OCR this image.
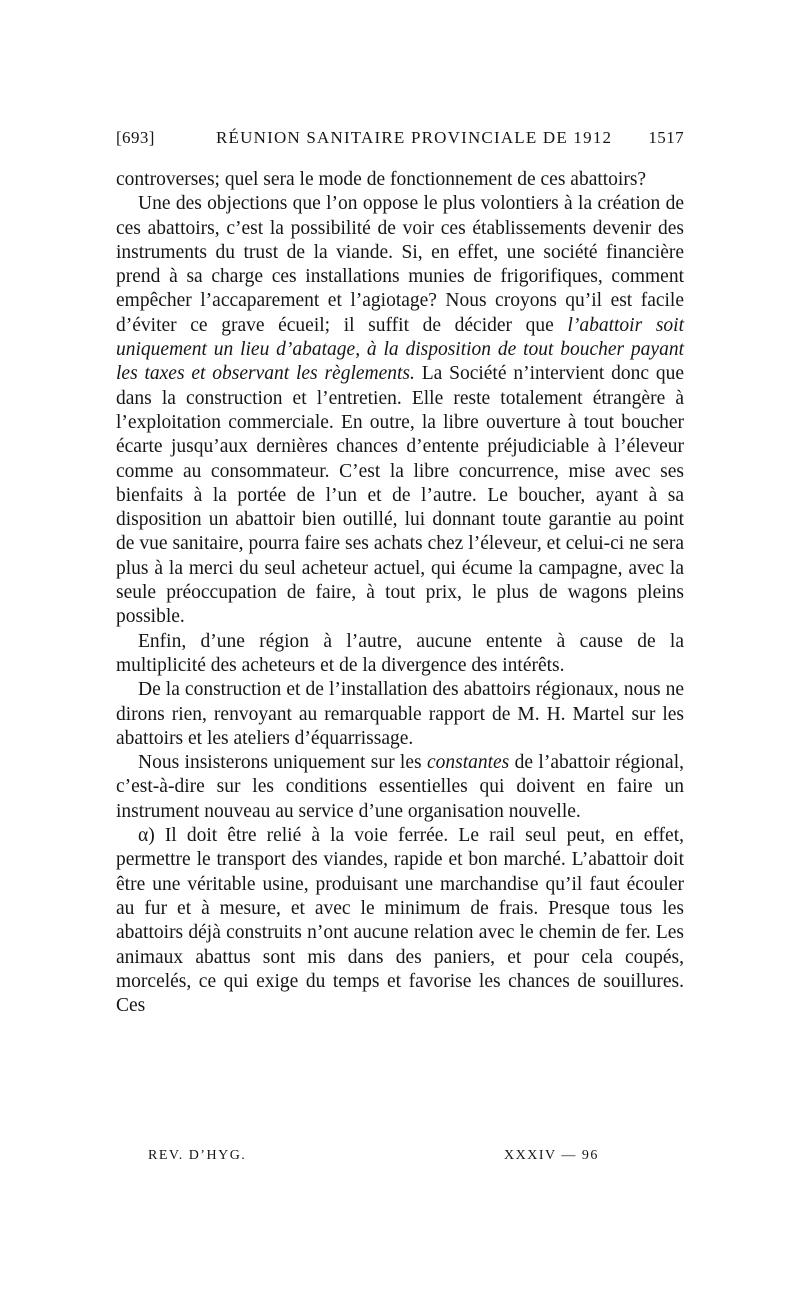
[693]	RÉUNION SANITAIRE PROVINCIALE DE 1912 1517

controverses; quel sera le mode de fonctionnement de ces abattoirs?

Une des objections que l’on oppose le plus volontiers à la création de ces abattoirs, c’est la possibilité de voir ces établissements devenir des instruments du trust de la viande. Si, en effet, une société financière prend à sa charge ces installations munies de frigorifiques, comment empêcher l’accaparement et l’agiotage? Nous croyons qu’il est facile d’éviter ce grave écueil; il suffit de décider que l’abattoir soit uniquement un lieu d’abatage, à la disposition de tout boucher payant les taxes et observant les règlements. La Société n’intervient donc que dans la construction et l’entretien. Elle reste totalement étrangère à l’exploitation commerciale. En outre, la libre ouverture à tout boucher écarte jusqu’aux dernières chances d’entente préjudiciable à l’éleveur comme au consommateur. C’est la libre concurrence, mise avec ses bienfaits à la portée de l’un et de l’autre. Le boucher, ayant à sa disposition un abattoir bien outillé, lui donnant toute garantie au point de vue sanitaire, pourra faire ses achats chez l’éleveur, et celui-ci ne sera plus à la merci du seul acheteur actuel, qui écume la campagne, avec la seule préoccupation de faire, à tout prix, le plus de wagons pleins possible.

Enfin, d’une région à l’autre, aucune entente à cause de la multiplicité des acheteurs et de la divergence des intérêts.

De la construction et de l’installation des abattoirs régionaux, nous ne dirons rien, renvoyant au remarquable rapport de M. H. Martel sur les abattoirs et les ateliers d’équarrissage.

Nous insisterons uniquement sur les constantes de l’abattoir régional, c’est-à-dire sur les conditions essentielles qui doivent en faire un instrument nouveau au service d’une organisation nouvelle.

α) Il doit être relié à la voie ferrée. Le rail seul peut, en effet, permettre le transport des viandes, rapide et bon marché. L’abattoir doit être une véritable usine, produisant une marchandise qu’il faut écouler au fur et à mesure, et avec le minimum de frais. Presque tous les abattoirs déjà construits n’ont aucune relation avec le chemin de fer. Les animaux abattus sont mis dans des paniers, et pour cela coupés, morcelés, ce qui exige du temps et favorise les chances de souillures. Ces

REV. D’HYG.	XXXIV — 96
